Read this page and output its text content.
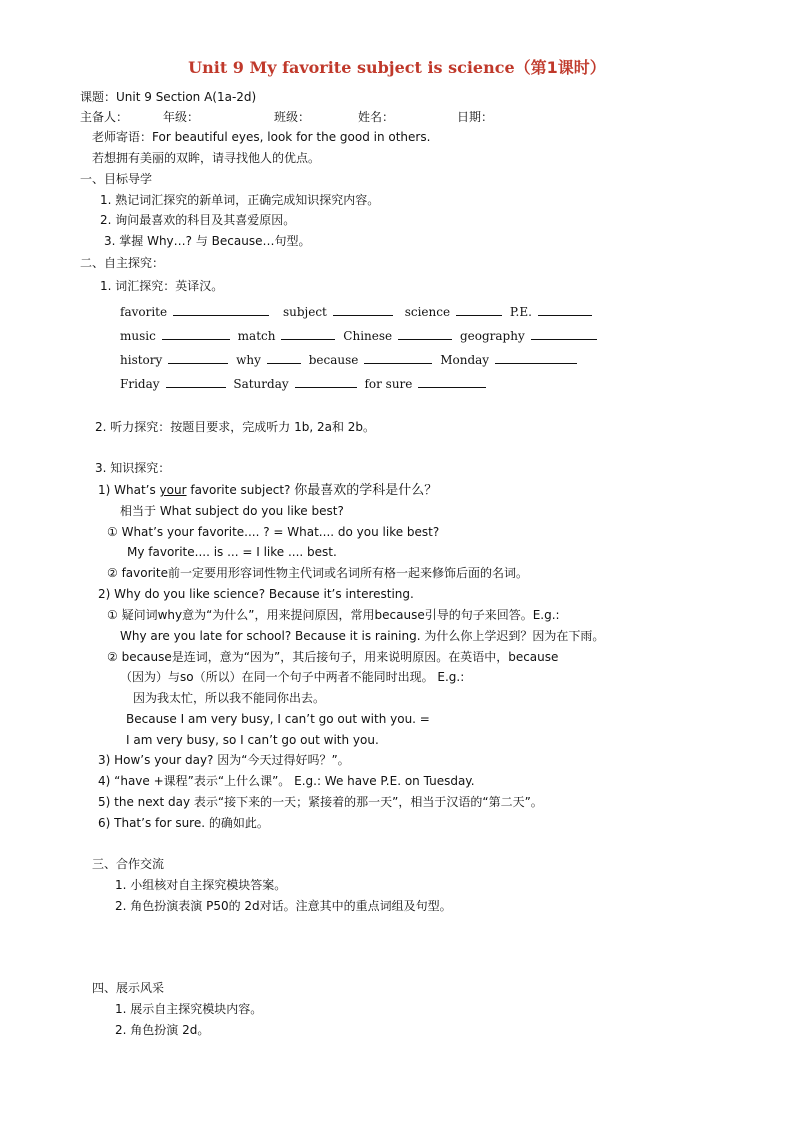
Unit 9 My favorite subject is science（第1课时）
课题：Unit 9 Section A(1a-2d)
主备人：	年级：	班级：	姓名：	日期：
老师寄语：For beautiful eyes, look for the good in others.
若想拥有美丽的双眸，请寻找他人的优点。
一、目标导学
1. 熟记词汇探究的新单词，正确完成知识探究内容。
2. 询问最喜欢的科目及其喜爱原因。
3. 掌握 Why…? 与 Because…句型。
二、自主探究：
1. 词汇探究：英译汉。
favorite	subject	science	P.E.
music	match	Chinese	geography
history	why	because	Monday
Friday	Saturday	for sure
2. 听力探究：按题目要求，完成听力 1b, 2a和 2b。
3. 知识探究：
1) What’s your favorite subject? 你最喜欢的学科是什么？
相当于 What subject do you like best?
① What’s your favorite.... ? = What.... do you like best?
My favorite.... is ... = I like .... best.
② favorite前一定要用形容词性物主代词或名词所有格一起来修饰后面的名词。
2) Why do you like science? Because it’s interesting.
① 疑问词why意为“为什么”，用来提问原因，常用because引导的句子来回答。E.g.:
Why are you late for school? Because it is raining. 为什么你上学迟到？因为在下雨。
② because是连词，意为“因为”，其后接句子，用来说明原因。在英语中，because
（因为）与so（所以）在同一个句子中两者不能同时出现。 E.g.:
因为我太忙，所以我不能同你出去。
Because I am very busy, I can’t go out with you. =
I am very busy, so I can’t go out with you.
3) How’s your day? 因为“今天过得好吗？”。
4) “have +课程”表示“上什么课”。 E.g.: We have P.E. on Tuesday.
5) the next day 表示“接下来的一天；紧接着的那一天”，相当于汉语的“第二天”。
6) That’s for sure. 的确如此。
三、合作交流
1. 小组核对自主探究模块答案。
2. 角色扮演表演 P50的 2d对话。注意其中的重点词组及句型。
四、展示风采
1. 展示自主探究模块内容。
2. 角色扮演 2d。
